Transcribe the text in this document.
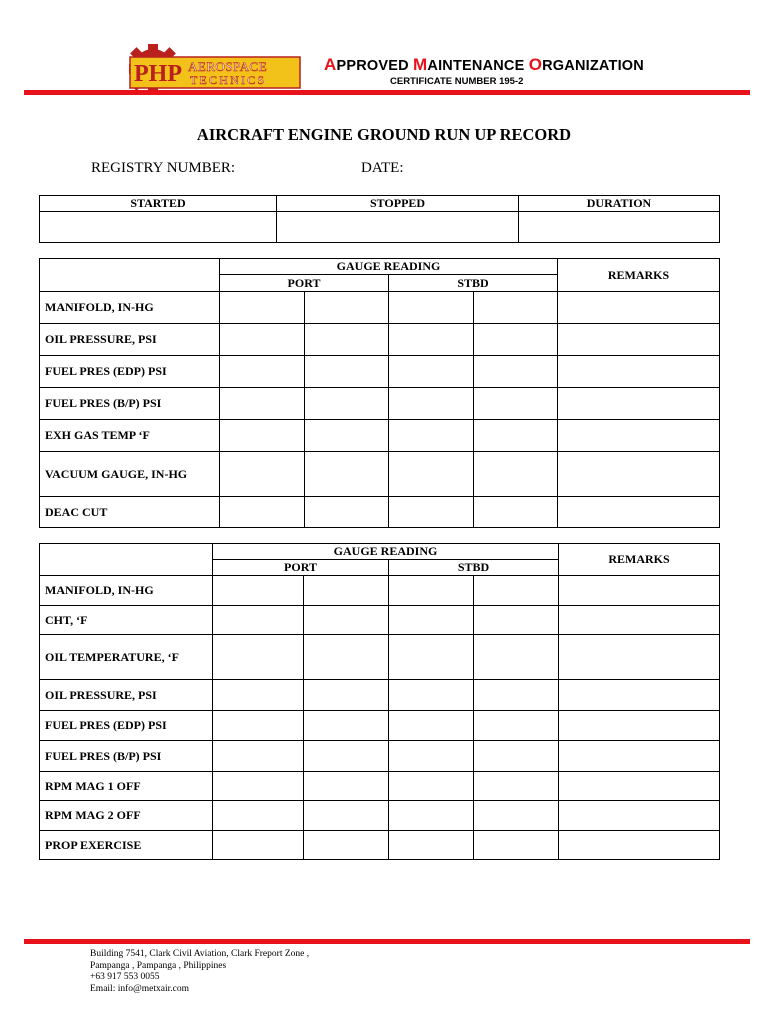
PHP AEROSPACE
TECHNICS
APPROVED MAINTENANCE ORGANIZATION
CERTIFICATE NUMBER 195-2
AIRCRAFT ENGINE GROUND RUN UP RECORD
REGISTRY NUMBER:	DATE:
STARTED	STOPPED	DURATION

	GAUGE READING				REMARKS
	PORT		STBD		
MANIFOLD, IN-HG					
OIL PRESSURE, PSI					
FUEL PRES (EDP) PSI					
FUEL PRES (B/P) PSI					
EXH GAS TEMP ‘F					
VACUUM GAUGE, IN-HG					
DEAC CUT					
	GAUGE READING				REMARKS
	PORT		STBD		
MANIFOLD, IN-HG					
CHT, ‘F					
OIL TEMPERATURE, ‘F					
OIL PRESSURE, PSI					
FUEL PRES (EDP) PSI					
FUEL PRES (B/P) PSI					
RPM MAG 1 OFF					
RPM MAG 2 OFF					
PROP EXERCISE					
Building 7541, Clark Civil Aviation, Clark Freport Zone ,
Pampanga , Pampanga , Philippines
+63 917 553 0055
Email: info@metxair.com
